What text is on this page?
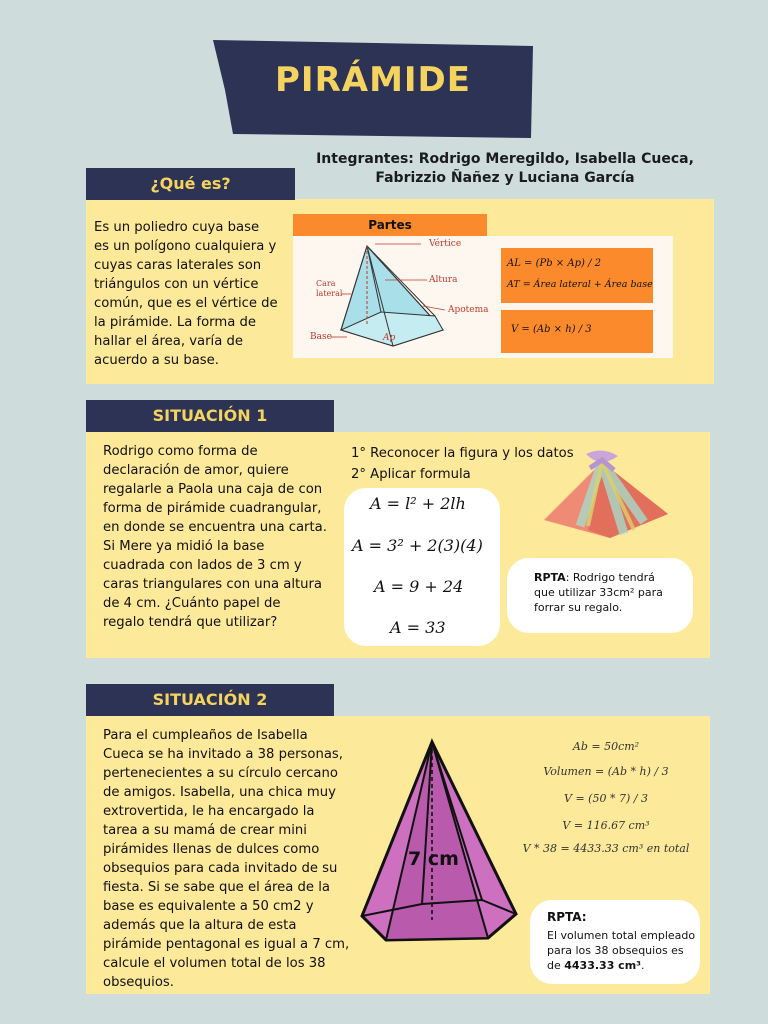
PIRÁMIDE
Integrantes: Rodrigo Meregildo, Isabella Cueca,
Fabrizzio Ñañez y Luciana García
¿Qué es?
Es un poliedro cuya base
es un polígono cualquiera y
cuyas caras laterales son
triángulos con un vértice
común, que es el vértice de
la pirámide. La forma de
hallar el área, varía de
acuerdo a su base.
Partes
Vértice
Altura
Apotema
Cara
lateral
Base	Ap
AL = (Pb × Ap) / 2
AT = Área lateral + Área base
V = (Ab × h) / 3
SITUACIÓN 1
Rodrigo como forma de
declaración de amor, quiere
regalarle a Paola una caja de con
forma de pirámide cuadrangular,
en donde se encuentra una carta.
Si Mere ya midió la base
cuadrada con lados de 3 cm y
caras triangulares con una altura
de 4 cm. ¿Cuánto papel de
regalo tendrá que utilizar?
1° Reconocer la figura y los datos
2° Aplicar formula
A = l² + 2lh
A = 3² + 2(3)(4)
A = 9 + 24
A = 33
RPTA: Rodrigo tendrá
que utilizar 33cm² para
forrar su regalo.
SITUACIÓN 2
Para el cumpleaños de Isabella
Cueca se ha invitado a 38 personas,
pertenecientes a su círculo cercano
de amigos. Isabella, una chica muy
extrovertida, le ha encargado la
tarea a su mamá de crear mini
pirámides llenas de dulces como
obsequios para cada invitado de su
fiesta. Si se sabe que el área de la
base es equivalente a 50 cm2 y
además que la altura de esta
pirámide pentagonal es igual a 7 cm,
calcule el volumen total de los 38
obsequios.
7 cm
Ab = 50cm²
Volumen = (Ab * h) / 3
V = (50 * 7) / 3
V = 116.67 cm³
V * 38 = 4433.33 cm³ en total
RPTA:
El volumen total empleado
para los 38 obsequios es
de 4433.33 cm³.
